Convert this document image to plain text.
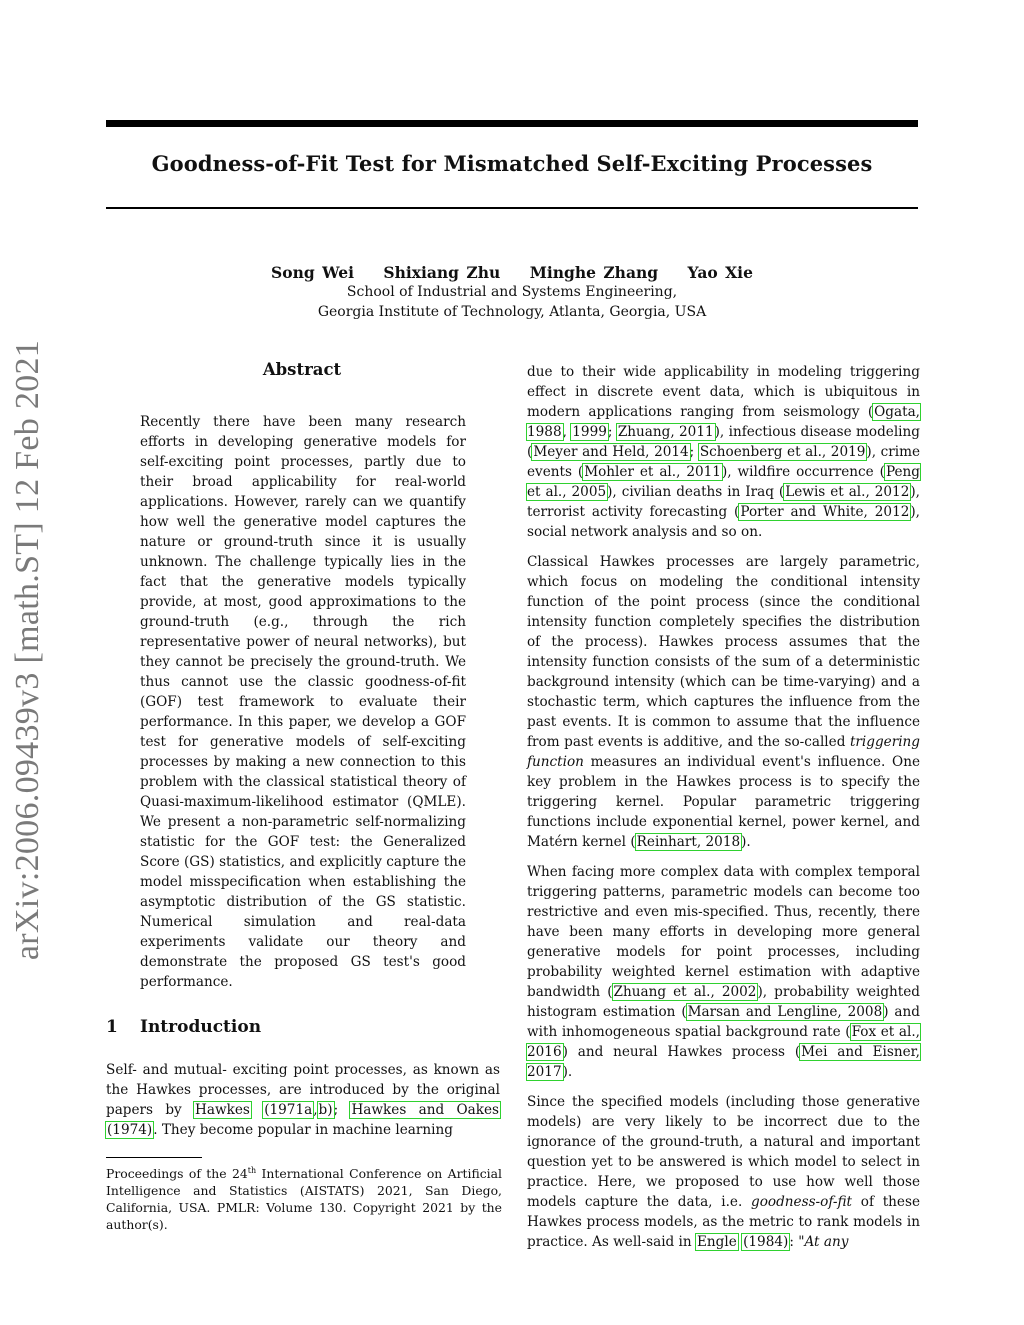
Goodness-of-Fit Test for Mismatched Self-Exciting Processes
Song Wei Shixiang Zhu Minghe Zhang Yao Xie
School of Industrial and Systems Engineering,
Georgia Institute of Technology, Atlanta, Georgia, USA
arXiv:2006.09439v3 [math.ST] 12 Feb 2021	Abstract
Recently there have been many research efforts in developing generative models for self-exciting point processes, partly due to their broad applicability for real-world applications. However, rarely can we quantify how well the generative model captures the nature or ground-truth since it is usually unknown. The challenge typically lies in the fact that the generative models typically provide, at most, good approximations to the ground-truth (e.g., through the rich representative power of neural networks), but they cannot be precisely the ground-truth. We thus cannot use the classic goodness-of-fit (GOF) test framework to evaluate their performance. In this paper, we develop a GOF test for generative models of self-exciting processes by making a new connection to this problem with the classical statistical theory of Quasi-maximum-likelihood estimator (QMLE). We present a non-parametric self-normalizing statistic for the GOF test: the Generalized Score (GS) statistics, and explicitly capture the model misspecification when establishing the asymptotic distribution of the GS statistic. Numerical simulation and real-data experiments validate our theory and demonstrate the proposed GS test's good performance.
1 Introduction
Self- and mutual- exciting point processes, as known as the Hawkes processes, are introduced by the original papers by Hawkes (1971a,b); Hawkes and Oakes (1974). They become popular in machine learning
Proceedings of the 24th International Conference on Artificial Intelligence and Statistics (AISTATS) 2021, San Diego, California, USA. PMLR: Volume 130. Copyright 2021 by the author(s).

due to their wide applicability in modeling triggering effect in discrete event data, which is ubiquitous in modern applications ranging from seismology (Ogata, 1988, 1999; Zhuang, 2011), infectious disease modeling (Meyer and Held, 2014; Schoenberg et al., 2019), crime events (Mohler et al., 2011), wildfire occurrence (Peng et al., 2005), civilian deaths in Iraq (Lewis et al., 2012), terrorist activity forecasting (Porter and White, 2012), social network analysis and so on.

Classical Hawkes processes are largely parametric, which focus on modeling the conditional intensity function of the point process (since the conditional intensity function completely specifies the distribution of the process). Hawkes process assumes that the intensity function consists of the sum of a deterministic background intensity (which can be time-varying) and a stochastic term, which captures the influence from the past events. It is common to assume that the influence from past events is additive, and the so-called triggering function measures an individual event's influence. One key problem in the Hawkes process is to specify the triggering kernel. Popular parametric triggering functions include exponential kernel, power kernel, and Matérn kernel (Reinhart, 2018).

When facing more complex data with complex temporal triggering patterns, parametric models can become too restrictive and even mis-specified. Thus, recently, there have been many efforts in developing more general generative models for point processes, including probability weighted kernel estimation with adaptive bandwidth (Zhuang et al., 2002), probability weighted histogram estimation (Marsan and Lengline, 2008) and with inhomogeneous spatial background rate (Fox et al., 2016) and neural Hawkes process (Mei and Eisner, 2017).

Since the specified models (including those generative models) are very likely to be incorrect due to the ignorance of the ground-truth, a natural and important question yet to be answered is which model to select in practice. Here, we proposed to use how well those models capture the data, i.e. goodness-of-fit of these Hawkes process models, as the metric to rank models in practice. As well-said in Engle (1984): "At any
